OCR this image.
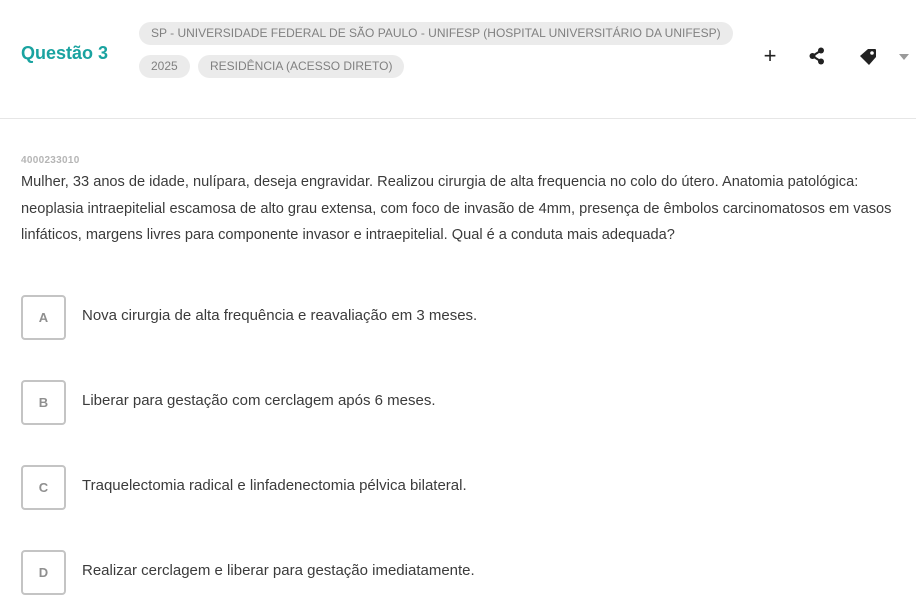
Questão 3
SP - UNIVERSIDADE FEDERAL DE SÃO PAULO - UNIFESP (HOSPITAL UNIVERSITÁRIO DA UNIFESP)
2025	RESIDÊNCIA (ACESSO DIRETO)	+
4000233010
Mulher, 33 anos de idade, nulípara, deseja engravidar. Realizou cirurgia de alta frequencia no colo do útero. Anatomia patológica: neoplasia intraepitelial escamosa de alto grau extensa, com foco de invasão de 4mm, presença de êmbolos carcinomatosos em vasos linfáticos, margens livres para componente invasor e intraepitelial. Qual é a conduta mais adequada?
A	Nova cirurgia de alta frequência e reavaliação em 3 meses.
B	Liberar para gestação com cerclagem após 6 meses.
C	Traquelectomia radical e linfadenectomia pélvica bilateral.
D	Realizar cerclagem e liberar para gestação imediatamente.
